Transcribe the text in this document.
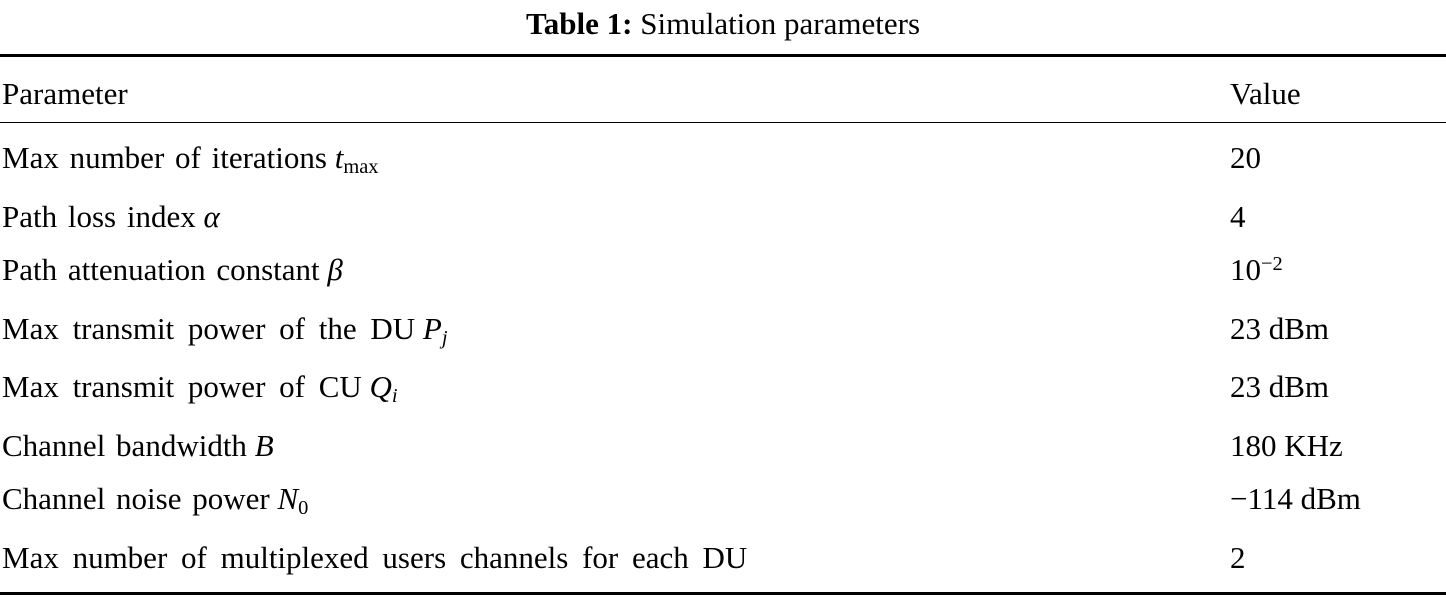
Table 1: Simulation parameters
Parameter	Value
Max number of iterations tmax	20
Path loss index α	4
Path attenuation constant β	$10^{-2}$
Max transmit power of the DU $P_j$	23 dBm
Max transmit power of CU $Q_i$	23 dBm
Channel bandwidth B	180 KHz
Channel noise power $N_0$	−114 dBm
Max number of multiplexed users channels for each DU	2
